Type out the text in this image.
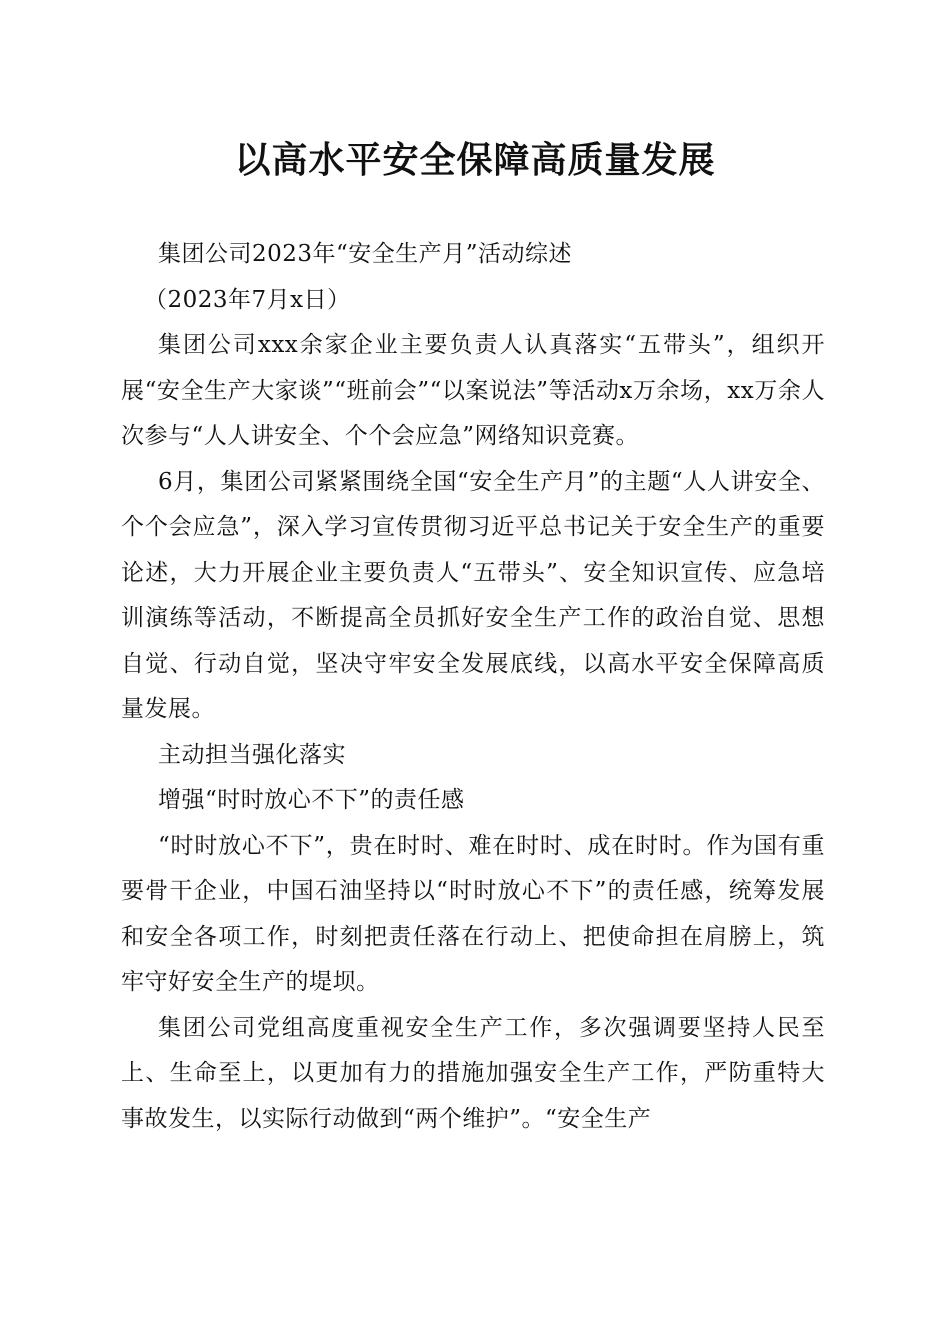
以高水平安全保障高质量发展

集团公司2023年“安全生产月”活动综述

（2023年7月x日）

集团公司xxx余家企业主要负责人认真落实“五带头”，组织开展“安全生产大家谈”“班前会”“以案说法”等活动x万余场，xx万余人次参与“人人讲安全、个个会应急”网络知识竞赛。

6月，集团公司紧紧围绕全国“安全生产月”的主题“人人讲安全、个个会应急”，深入学习宣传贯彻习近平总书记关于安全生产的重要论述，大力开展企业主要负责人“五带头”、安全知识宣传、应急培训演练等活动，不断提高全员抓好安全生产工作的政治自觉、思想自觉、行动自觉，坚决守牢安全发展底线，以高水平安全保障高质量发展。

主动担当强化落实

增强“时时放心不下”的责任感

“时时放心不下”，贵在时时、难在时时、成在时时。作为国有重要骨干企业，中国石油坚持以“时时放心不下”的责任感，统筹发展和安全各项工作，时刻把责任落在行动上、把使命担在肩膀上，筑牢守好安全生产的堤坝。

集团公司党组高度重视安全生产工作，多次强调要坚持人民至上、生命至上，以更加有力的措施加强安全生产工作，严防重特大事故发生，以实际行动做到“两个维护”。“安全生产
